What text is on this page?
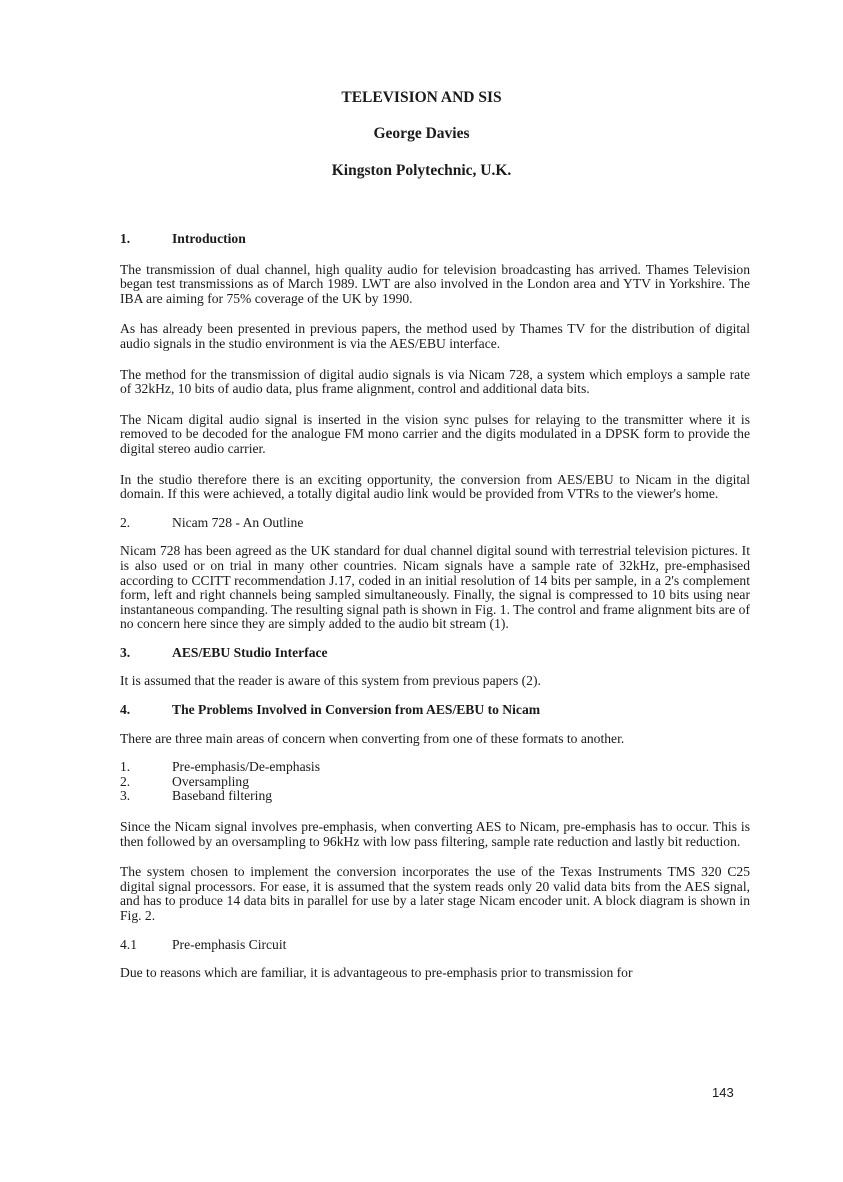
TELEVISION AND SIS
George Davies
Kingston Polytechnic, U.K.
1.	Introduction

The transmission of dual channel, high quality audio for television broadcasting has arrived. Thames Television began test transmissions as of March 1989. LWT are also involved in the London area and YTV in Yorkshire. The IBA are aiming for 75% coverage of the UK by 1990.

As has already been presented in previous papers, the method used by Thames TV for the distribution of digital audio signals in the studio environment is via the AES/EBU interface.

The method for the transmission of digital audio signals is via Nicam 728, a system which employs a sample rate of 32kHz, 10 bits of audio data, plus frame alignment, control and additional data bits.

The Nicam digital audio signal is inserted in the vision sync pulses for relaying to the transmitter where it is removed to be decoded for the analogue FM mono carrier and the digits modulated in a DPSK form to provide the digital stereo audio carrier.

In the studio therefore there is an exciting opportunity, the conversion from AES/EBU to Nicam in the digital domain. If this were achieved, a totally digital audio link would be provided from VTRs to the viewer's home.

2.	Nicam 728 - An Outline

Nicam 728 has been agreed as the UK standard for dual channel digital sound with terrestrial television pictures. It is also used or on trial in many other countries. Nicam signals have a sample rate of 32kHz, pre-emphasised according to CCITT recommendation J.17, coded in an initial resolution of 14 bits per sample, in a 2's complement form, left and right channels being sampled simultaneously. Finally, the signal is compressed to 10 bits using near instantaneous companding. The resulting signal path is shown in Fig. 1. The control and frame alignment bits are of no concern here since they are simply added to the audio bit stream (1).

3.	AES/EBU Studio Interface

It is assumed that the reader is aware of this system from previous papers (2).

4.	The Problems Involved in Conversion from AES/EBU to Nicam

There are three main areas of concern when converting from one of these formats to another.

1.	Pre-emphasis/De-emphasis
2.	Oversampling
3.	Baseband filtering

Since the Nicam signal involves pre-emphasis, when converting AES to Nicam, pre-emphasis has to occur. This is then followed by an oversampling to 96kHz with low pass filtering, sample rate reduction and lastly bit reduction.

The system chosen to implement the conversion incorporates the use of the Texas Instruments TMS 320 C25 digital signal processors. For ease, it is assumed that the system reads only 20 valid data bits from the AES signal, and has to produce 14 data bits in parallel for use by a later stage Nicam encoder unit. A block diagram is shown in Fig. 2.

4.1	Pre-emphasis Circuit

Due to reasons which are familiar, it is advantageous to pre-emphasis prior to transmission for

143
